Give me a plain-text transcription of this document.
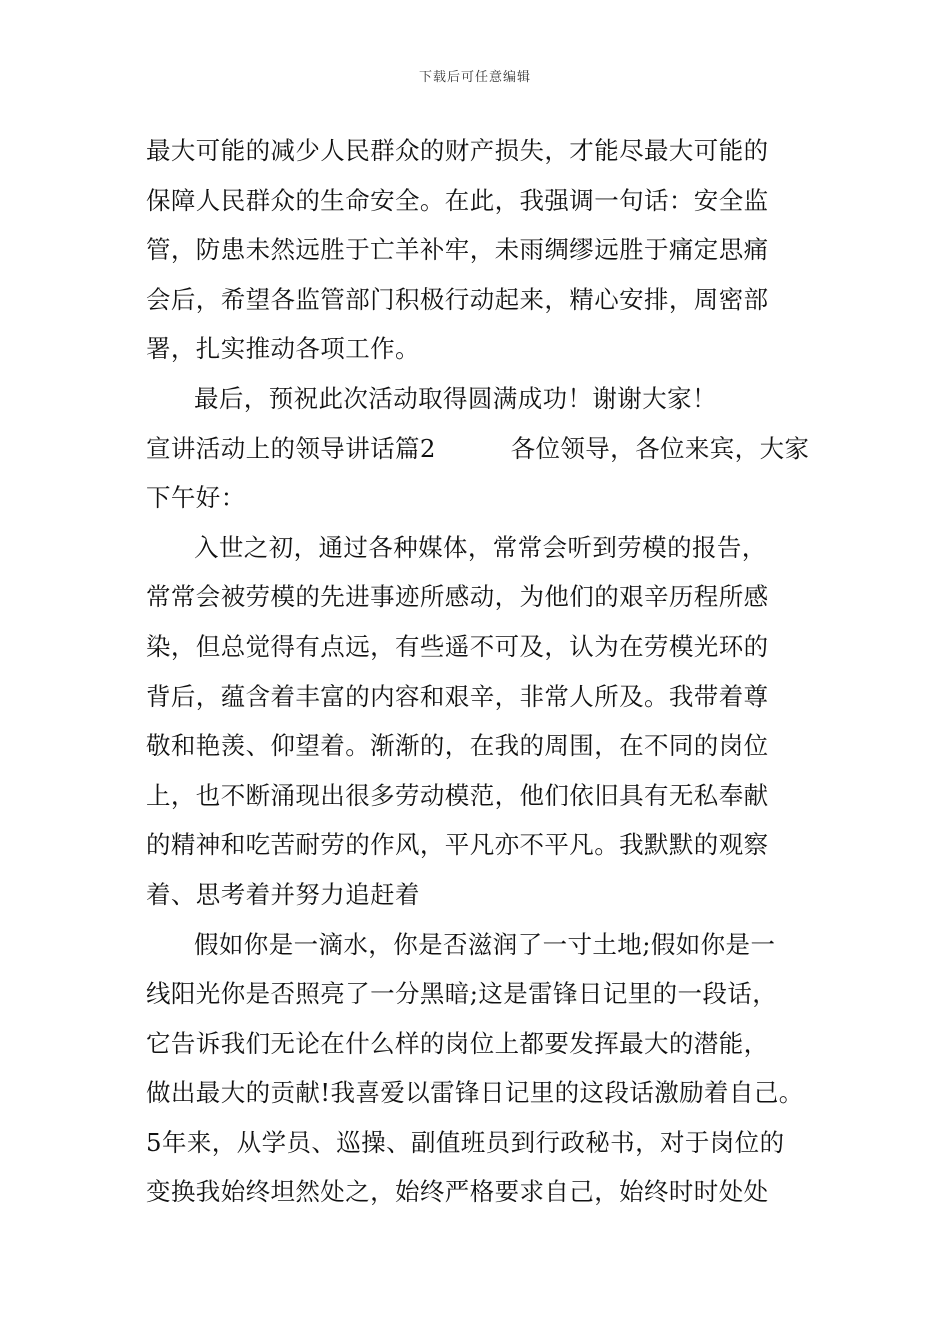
下载后可任意编辑
最大可能的减少人民群众的财产损失，才能尽最大可能的
保障人民群众的生命安全。在此，我强调一句话：安全监
管，防患未然远胜于亡羊补牢，未雨绸缪远胜于痛定思痛
会后，希望各监管部门积极行动起来，精心安排，周密部
署，扎实推动各项工作。
最后，预祝此次活动取得圆满成功！谢谢大家！
宣讲活动上的领导讲话篇2　　　各位领导，各位来宾，大家
下午好：
入世之初，通过各种媒体，常常会听到劳模的报告，
常常会被劳模的先进事迹所感动，为他们的艰辛历程所感
染，但总觉得有点远，有些遥不可及，认为在劳模光环的
背后，蕴含着丰富的内容和艰辛，非常人所及。我带着尊
敬和艳羡、仰望着。渐渐的，在我的周围，在不同的岗位
上，也不断涌现出很多劳动模范，他们依旧具有无私奉献
的精神和吃苦耐劳的作风，平凡亦不平凡。我默默的观察
着、思考着并努力追赶着
假如你是一滴水，你是否滋润了一寸土地;假如你是一
线阳光你是否照亮了一分黑暗;这是雷锋日记里的一段话，
它告诉我们无论在什么样的岗位上都要发挥最大的潜能，
做出最大的贡献!我喜爱以雷锋日记里的这段话激励着自己。
5年来，从学员、巡操、副值班员到行政秘书，对于岗位的
变换我始终坦然处之，始终严格要求自己，始终时时处处
